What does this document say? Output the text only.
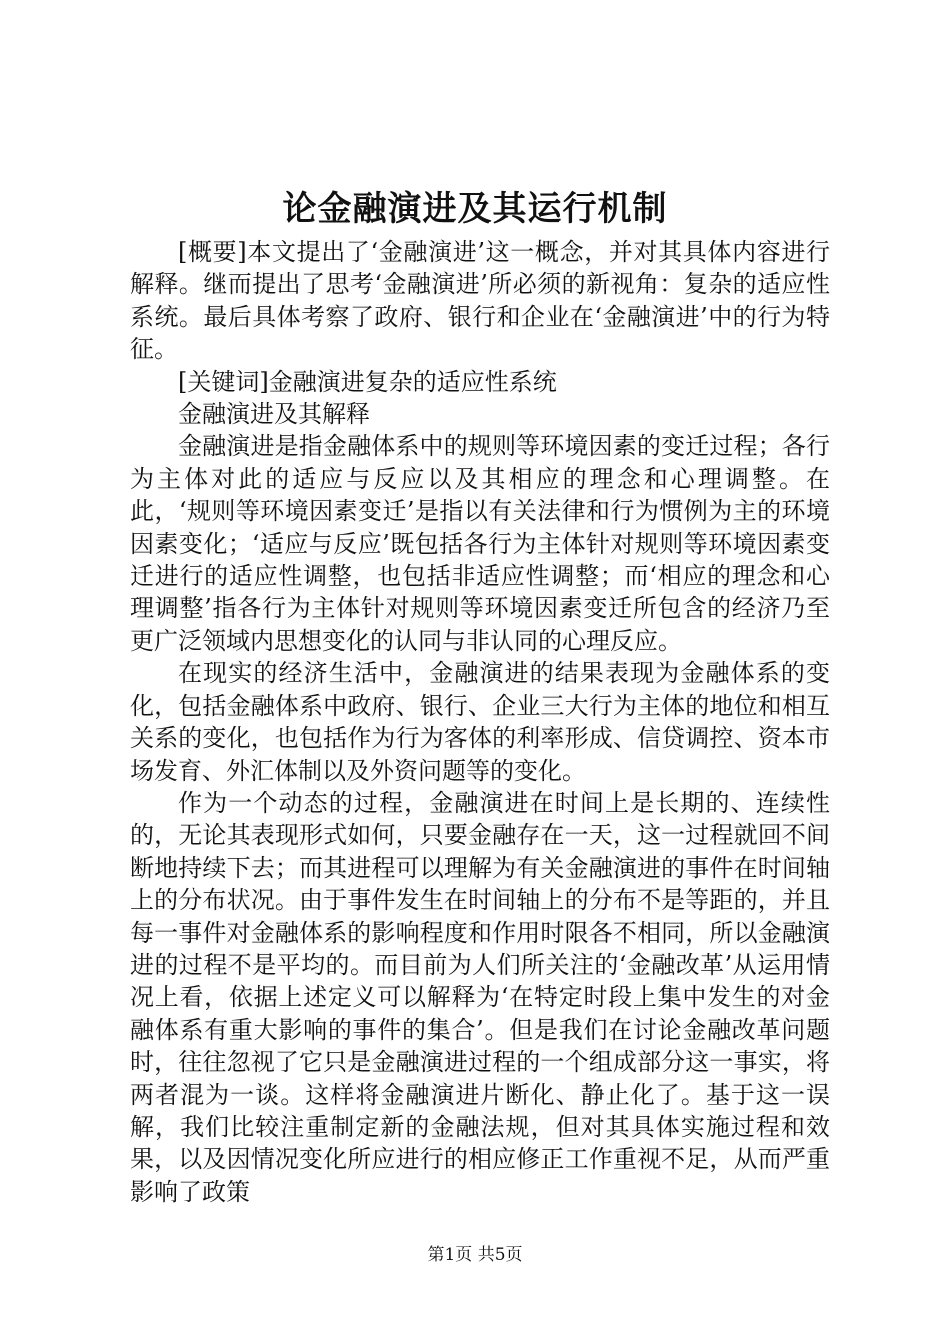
论金融演进及其运行机制

[概要]本文提出了‘金融演进’这一概念，并对其具体内容进行解释。继而提出了思考‘金融演进’所必须的新视角：复杂的适应性系统。最后具体考察了政府、银行和企业在‘金融演进’中的行为特征。

[关键词]金融演进复杂的适应性系统

金融演进及其解释

金融演进是指金融体系中的规则等环境因素的变迁过程；各行为主体对此的适应与反应以及其相应的理念和心理调整。在此，‘规则等环境因素变迁’是指以有关法律和行为惯例为主的环境因素变化；‘适应与反应’既包括各行为主体针对规则等环境因素变迁进行的适应性调整，也包括非适应性调整；而‘相应的理念和心理调整’指各行为主体针对规则等环境因素变迁所包含的经济乃至更广泛领域内思想变化的认同与非认同的心理反应。

在现实的经济生活中，金融演进的结果表现为金融体系的变化，包括金融体系中政府、银行、企业三大行为主体的地位和相互关系的变化，也包括作为行为客体的利率形成、信贷调控、资本市场发育、外汇体制以及外资问题等的变化。

作为一个动态的过程，金融演进在时间上是长期的、连续性的，无论其表现形式如何，只要金融存在一天，这一过程就回不间断地持续下去；而其进程可以理解为有关金融演进的事件在时间轴上的分布状况。由于事件发生在时间轴上的分布不是等距的，并且每一事件对金融体系的影响程度和作用时限各不相同，所以金融演进的过程不是平均的。而目前为人们所关注的‘金融改革’从运用情况上看，依据上述定义可以解释为‘在特定时段上集中发生的对金融体系有重大影响的事件的集合’。但是我们在讨论金融改革问题时，往往忽视了它只是金融演进过程的一个组成部分这一事实，将两者混为一谈。这样将金融演进片断化、静止化了。基于这一误解，我们比较注重制定新的金融法规，但对其具体实施过程和效果，以及因情况变化所应进行的相应修正工作重视不足，从而严重影响了政策

第1页 共5页
